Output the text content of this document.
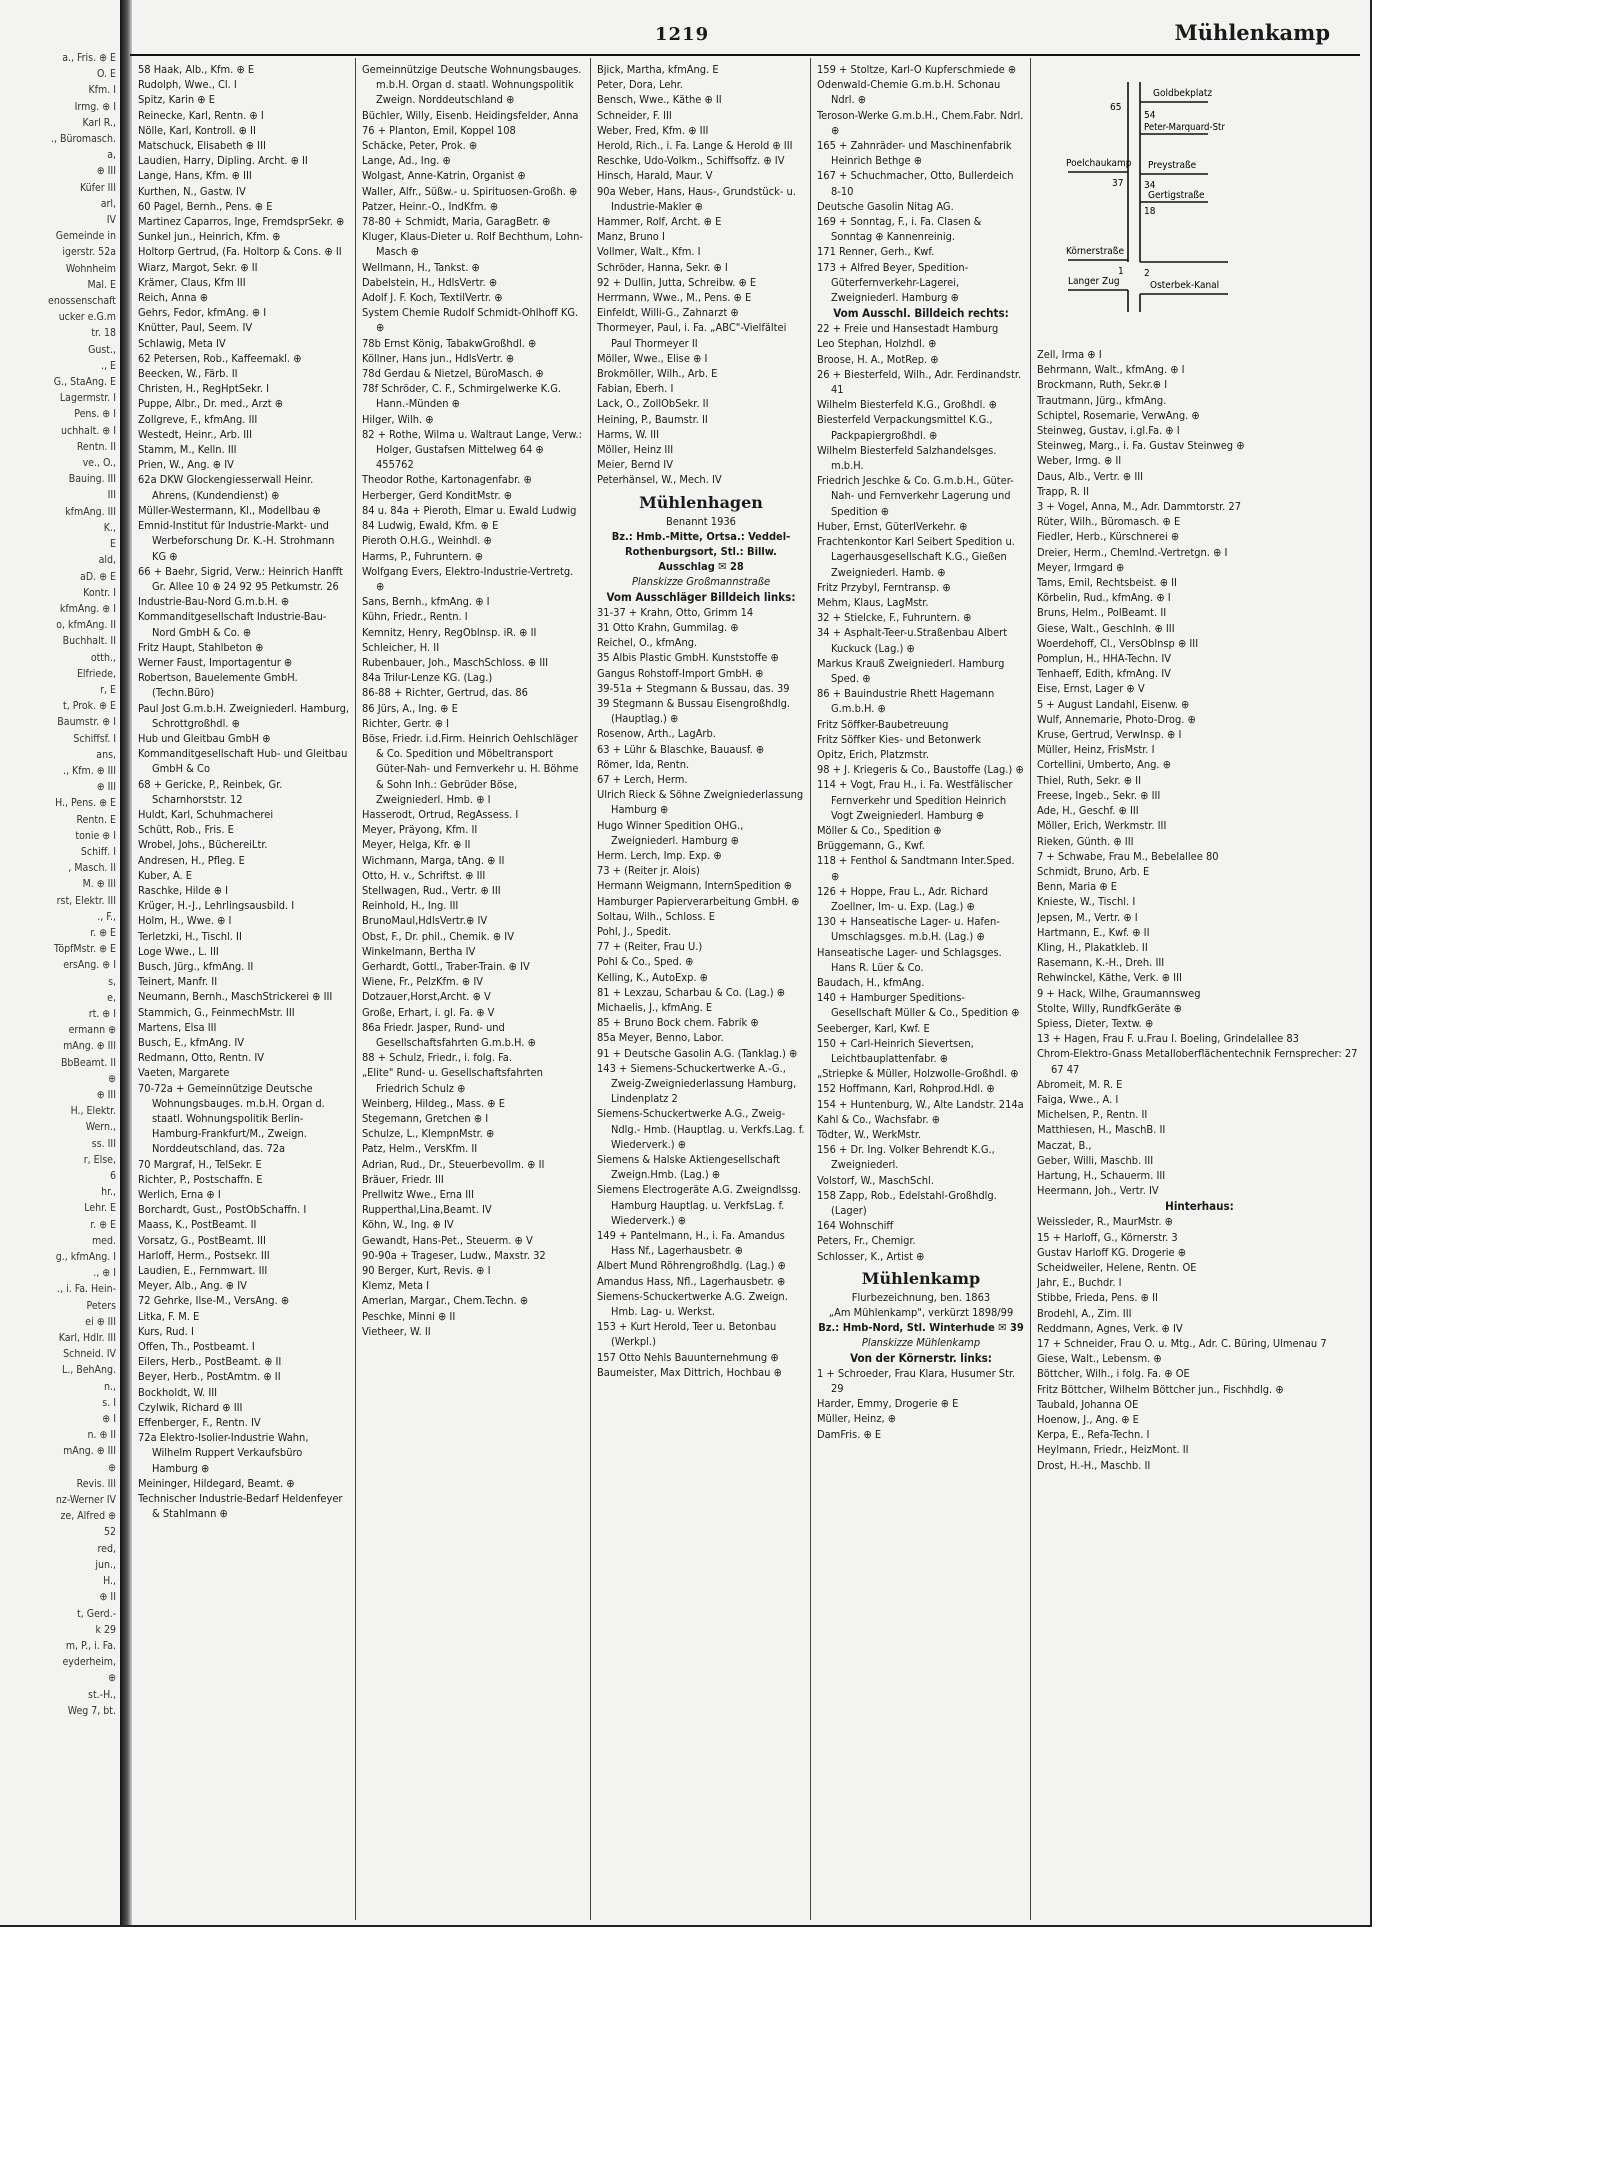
a., Fris. ⊕ E
O. E
Kfm. I
Irmg. ⊕ I
Karl R.,
., Büromasch.
a,
⊕ III
Küfer III
arl,
IV
Gemeinde in
igerstr. 52a
Wohnheim
Mal. E
enossenschaft
ucker e.G.m
tr. 18
Gust.,
., E
G., StaAng. E
Lagermstr. I
Pens. ⊕ I
uchhalt. ⊕ I
Rentn. II
ve., O.,
Bauing. III
III
kfmAng. III
K.,
E
ald,
aD. ⊕ E
Kontr. I
kfmAng. ⊕ I
o, kfmAng. II
Buchhalt. II
otth.,
Elfriede,
r, E
t, Prok. ⊕ E
Baumstr. ⊕ I
Schiffsf. I
ans,
., Kfm. ⊕ III
⊕ III
H., Pens. ⊕ E
Rentn. E
tonie ⊕ I
Schiff. I
, Masch. II
M. ⊕ III
rst, Elektr. III
., F.,
r. ⊕ E
TöpfMstr. ⊕ E
ersAng. ⊕ I
s,
e,
rt. ⊕ I
ermann ⊕
mAng. ⊕ III
BbBeamt. II
⊕
⊕ III
H., Elektr.
Wern.,
ss. III
r, Else,
6
hr.,
Lehr. E
r. ⊕ E
med.
g., kfmAng. I
., ⊕ I
., i. Fa. Hein-
Peters
ei ⊕ III
Karl, Hdlr. III
Schneid. IV
L., BehAng.
n.,
s. I
⊕ I
n. ⊕ II
mAng. ⊕ III
⊕
Revis. III
nz-Werner IV
ze, Alfred ⊕
52
red,
jun.,
H.,
⊕ II
t, Gerd.-
k 29
m, P., i. Fa.
eyderheim,
⊕
st.-H.,
Weg 7, bt.
1219	Mühlenkamp
58 Haak, Alb., Kfm. ⊕ E
Rudolph, Wwe., Cl. I
Spitz, Karin ⊕ E
Reinecke, Karl, Rentn. ⊕ I
Nölle, Karl, Kontroll. ⊕ II
Matschuck, Elisabeth ⊕ III
Laudien, Harry, Dipling. Archt. ⊕ II
Lange, Hans, Kfm. ⊕ III
Kurthen, N., Gastw. IV
60 Pagel, Bernh., Pens. ⊕ E
Martinez Caparros, Inge, FremdsprSekr. ⊕
Sunkel jun., Heinrich, Kfm. ⊕
Holtorp Gertrud, (Fa. Holtorp & Cons. ⊕ II
Wiarz, Margot, Sekr. ⊕ II
Krämer, Claus, Kfm III
Reich, Anna ⊕
Gehrs, Fedor, kfmAng. ⊕ I
Knütter, Paul, Seem. IV
Schlawig, Meta IV
62 Petersen, Rob., Kaffeemakl. ⊕
Beecken, W., Färb. II
Christen, H., RegHptSekr. I
Puppe, Albr., Dr. med., Arzt ⊕
Zollgreve, F., kfmAng. III
Westedt, Heinr., Arb. III
Stamm, M., Kelln. III
Prien, W., Ang. ⊕ IV
62a DKW Glockengiesserwall Heinr. Ahrens, (Kundendienst) ⊕
Müller-Westermann, Kl., Modellbau ⊕
Emnid-Institut für Industrie-Markt- und Werbeforschung Dr. K.-H. Strohmann KG ⊕
66 + Baehr, Sigrid, Verw.: Heinrich Hanfft Gr. Allee 10 ⊕ 24 92 95 Petkumstr. 26
Industrie-Bau-Nord G.m.b.H. ⊕
Kommanditgesellschaft Industrie-Bau-Nord GmbH & Co. ⊕
Fritz Haupt, Stahlbeton ⊕
Werner Faust, Importagentur ⊕
Robertson, Bauelemente GmbH. (Techn.Büro)
Paul Jost G.m.b.H. Zweigniederl. Hamburg, Schrottgroßhdl. ⊕
Hub und Gleitbau GmbH ⊕
Kommanditgesellschaft Hub- und Gleitbau GmbH & Co
68 + Gericke, P., Reinbek, Gr. Scharnhorststr. 12
Huldt, Karl, Schuhmacherei
Schütt, Rob., Fris. E
Wrobel, Johs., BüchereiLtr.
Andresen, H., Pfleg. E
Kuber, A. E
Raschke, Hilde ⊕ I
Krüger, H.-J., Lehrlingsausbild. I
Holm, H., Wwe. ⊕ I
Terletzki, H., Tischl. II
Loge Wwe., L. III
Busch, Jürg., kfmAng. II
Teinert, Manfr. II
Neumann, Bernh., MaschStrickerei ⊕ III
Stammich, G., FeinmechMstr. III
Martens, Elsa III
Busch, E., kfmAng. IV
Redmann, Otto, Rentn. IV
Vaeten, Margarete
70-72a + Gemeinnützige Deutsche Wohnungsbauges. m.b.H. Organ d. staatl. Wohnungspolitik Berlin-Hamburg-Frankfurt/M., Zweign. Norddeutschland, das. 72a
70 Margraf, H., TelSekr. E
Richter, P., Postschaffn. E
Werlich, Erna ⊕ I
Borchardt, Gust., PostObSchaffn. I
Maass, K., PostBeamt. II
Vorsatz, G., PostBeamt. III
Harloff, Herm., Postsekr. III
Laudien, E., Fernmwart. III
Meyer, Alb., Ang. ⊕ IV
72 Gehrke, Ilse-M., VersAng. ⊕
Litka, F. M. E
Kurs, Rud. I
Offen, Th., Postbeamt. I
Eilers, Herb., PostBeamt. ⊕ II
Beyer, Herb., PostAmtm. ⊕ II
Bockholdt, W. III
Czylwik, Richard ⊕ III
Effenberger, F., Rentn. IV
72a Elektro-Isolier-Industrie Wahn, Wilhelm Ruppert Verkaufsbüro Hamburg ⊕
Meininger, Hildegard, Beamt. ⊕
Technischer Industrie-Bedarf Heldenfeyer & Stahlmann ⊕
Gemeinnützige Deutsche Wohnungsbauges. m.b.H. Organ d. staatl. Wohnungspolitik Zweign. Norddeutschland ⊕
Büchler, Willy, Eisenb. Heidingsfelder, Anna
76 + Planton, Emil, Koppel 108
Schäcke, Peter, Prok. ⊕
Lange, Ad., Ing. ⊕
Wolgast, Anne-Katrin, Organist ⊕
Waller, Alfr., Süßw.- u. Spirituosen-Großh. ⊕
Patzer, Heinr.-O., IndKfm. ⊕
78-80 + Schmidt, Maria, GaragBetr. ⊕
Kluger, Klaus-Dieter u. Rolf Bechthum, Lohn-Masch ⊕
Wellmann, H., Tankst. ⊕
Dabelstein, H., HdlsVertr. ⊕
Adolf J. F. Koch, TextilVertr. ⊕
System Chemie Rudolf Schmidt-Ohlhoff KG. ⊕
78b Ernst König, TabakwGroßhdl. ⊕
Köllner, Hans jun., HdlsVertr. ⊕
78d Gerdau & Nietzel, BüroMasch. ⊕
78f Schröder, C. F., Schmirgelwerke K.G. Hann.-Münden ⊕
Hilger, Wilh. ⊕
82 + Rothe, Wilma u. Waltraut Lange, Verw.: Holger, Gustafsen Mittelweg 64 ⊕ 455762
Theodor Rothe, Kartonagenfabr. ⊕
Herberger, Gerd KonditMstr. ⊕
84 u. 84a + Pieroth, Elmar u. Ewald Ludwig
84 Ludwig, Ewald, Kfm. ⊕ E
Pieroth O.H.G., Weinhdl. ⊕
Harms, P., Fuhruntern. ⊕
Wolfgang Evers, Elektro-Industrie-Vertretg. ⊕
Sans, Bernh., kfmAng. ⊕ I
Kühn, Friedr., Rentn. I
Kemnitz, Henry, RegOblnsp. iR. ⊕ II
Schleicher, H. II
Rubenbauer, Joh., MaschSchloss. ⊕ III
84a Trilur-Lenze KG. (Lag.)
86-88 + Richter, Gertrud, das. 86
86 Jürs, A., Ing. ⊕ E
Richter, Gertr. ⊕ I
Böse, Friedr. i.d.Firm. Heinrich Oehlschläger & Co. Spedition und Möbeltransport Güter-Nah- und Fernverkehr u. H. Böhme & Sohn Inh.: Gebrüder Böse, Zweigniederl. Hmb. ⊕ I
Hasserodt, Ortrud, RegAssess. I
Meyer, Präyong, Kfm. II
Meyer, Helga, Kfr. ⊕ II
Wichmann, Marga, tAng. ⊕ II
Otto, H. v., Schriftst. ⊕ III
Stellwagen, Rud., Vertr. ⊕ III
Reinhold, H., Ing. III
BrunoMaul,HdlsVertr.⊕ IV
Obst, F., Dr. phil., Chemik. ⊕ IV
Winkelmann, Bertha IV
Gerhardt, Gottl., Traber-Train. ⊕ IV
Wiene, Fr., PelzKfm. ⊕ IV
Dotzauer,Horst,Archt. ⊕ V
Große, Erhart, i. gl. Fa. ⊕ V
86a Friedr. Jasper, Rund- und Gesellschaftsfahrten G.m.b.H. ⊕
88 + Schulz, Friedr., i. folg. Fa.
„Elite" Rund- u. Gesellschaftsfahrten Friedrich Schulz ⊕
Weinberg, Hildeg., Mass. ⊕ E
Stegemann, Gretchen ⊕ I
Schulze, L., KlempnMstr. ⊕
Patz, Helm., VersKfm. II
Adrian, Rud., Dr., Steuerbevollm. ⊕ II
Bräuer, Friedr. III
Prellwitz Wwe., Erna III
Rupperthal,Lina,Beamt. IV
Köhn, W., Ing. ⊕ IV
Gewandt, Hans-Pet., Steuerm. ⊕ V
90-90a + Trageser, Ludw., Maxstr. 32
90 Berger, Kurt, Revis. ⊕ I
Klemz, Meta I
Amerlan, Margar., Chem.Techn. ⊕
Peschke, Minni ⊕ II
Vietheer, W. II
Bjick, Martha, kfmAng. E
Peter, Dora, Lehr.
Bensch, Wwe., Käthe ⊕ II
Schneider, F. III
Weber, Fred, Kfm. ⊕ III
Herold, Rich., i. Fa. Lange & Herold ⊕ III
Reschke, Udo-Volkm., Schiffsoffz. ⊕ IV
Hinsch, Harald, Maur. V
90a Weber, Hans, Haus-, Grundstück- u. Industrie-Makler ⊕
Hammer, Rolf, Archt. ⊕ E
Manz, Bruno I
Vollmer, Walt., Kfm. I
Schröder, Hanna, Sekr. ⊕ I
92 + Dullin, Jutta, Schreibw. ⊕ E
Herrmann, Wwe., M., Pens. ⊕ E
Einfeldt, Willi-G., Zahnarzt ⊕
Thormeyer, Paul, i. Fa. „ABC"-Vielfältei Paul Thormeyer II
Möller, Wwe., Elise ⊕ I
Brokmöller, Wilh., Arb. E
Fabian, Eberh. I
Lack, O., ZollObSekr. II
Heining, P., Baumstr. II
Harms, W. III
Möller, Heinz III
Meier, Bernd IV
Peterhänsel, W., Mech. IV
Mühlenhagen
Benannt 1936
Bz.: Hmb.-Mitte, Ortsa.: Veddel-Rothenburgsort, Stl.: Billw.
Ausschlag ✉ 28
Planskizze Großmannstraße
Vom Ausschläger Billdeich links:
31-37 + Krahn, Otto, Grimm 14
31 Otto Krahn, Gummilag. ⊕
Reichel, O., kfmAng.
35 Albis Plastic GmbH. Kunststoffe ⊕
Gangus Rohstoff-Import GmbH. ⊕
39-51a + Stegmann & Bussau, das. 39
39 Stegmann & Bussau Eisengroßhdlg. (Hauptlag.) ⊕
Rosenow, Arth., LagArb.
63 + Lühr & Blaschke, Bauausf. ⊕
Römer, Ida, Rentn.
67 + Lerch, Herm.
Ulrich Rieck & Söhne Zweigniederlassung Hamburg ⊕
Hugo Winner Spedition OHG., Zweigniederl. Hamburg ⊕
Herm. Lerch, Imp. Exp. ⊕
73 + (Reiter jr. Alois)
Hermann Weigmann, InternSpedition ⊕
Hamburger Papierverarbeitung GmbH. ⊕
Soltau, Wilh., Schloss. E
Pohl, J., Spedit.
77 + (Reiter, Frau U.)
Pohl & Co., Sped. ⊕
Kelling, K., AutoExp. ⊕
81 + Lexzau, Scharbau & Co. (Lag.) ⊕
Michaelis, J., kfmAng. E
85 + Bruno Bock chem. Fabrik ⊕
85a Meyer, Benno, Labor.
91 + Deutsche Gasolin A.G. (Tanklag.) ⊕
143 + Siemens-Schuckertwerke A.-G., Zweig-Zweigniederlassung Hamburg, Lindenplatz 2
Siemens-Schuckertwerke A.G., Zweig-Ndlg.- Hmb. (Hauptlag. u. Verkfs.Lag. f. Wiederverk.) ⊕
Siemens & Halske Aktiengesellschaft Zweign.Hmb. (Lag.) ⊕
Siemens Electrogeräte A.G. Zweigndlssg. Hamburg Hauptlag. u. VerkfsLag. f. Wiederverk.) ⊕
149 + Pantelmann, H., i. Fa. Amandus Hass Nf., Lagerhausbetr. ⊕
Albert Mund Röhrengroßhdlg. (Lag.) ⊕
Amandus Hass, Nfl., Lagerhausbetr. ⊕
Siemens-Schuckertwerke A.G. Zweign. Hmb. Lag- u. Werkst.
153 + Kurt Herold, Teer u. Betonbau (Werkpl.)
157 Otto Nehls Bauunternehmung ⊕
Baumeister, Max Dittrich, Hochbau ⊕
159 + Stoltze, Karl-O Kupferschmiede ⊕
Odenwald-Chemie G.m.b.H. Schonau Ndrl. ⊕
Teroson-Werke G.m.b.H., Chem.Fabr. Ndrl. ⊕
165 + Zahnräder- und Maschinenfabrik Heinrich Bethge ⊕
167 + Schuchmacher, Otto, Bullerdeich 8-10
Deutsche Gasolin Nitag AG.
169 + Sonntag, F., i. Fa. Clasen & Sonntag ⊕ Kannenreinig.
171 Renner, Gerh., Kwf.
173 + Alfred Beyer, Spedition-Güterfernverkehr-Lagerei, Zweigniederl. Hamburg ⊕
Vom Ausschl. Billdeich rechts:
22 + Freie und Hansestadt Hamburg
Leo Stephan, Holzhdl. ⊕
Broose, H. A., MotRep. ⊕
26 + Biesterfeld, Wilh., Adr. Ferdinandstr. 41
Wilhelm Biesterfeld K.G., Großhdl. ⊕
Biesterfeld Verpackungsmittel K.G., Packpapiergroßhdl. ⊕
Wilhelm Biesterfeld Salzhandelsges. m.b.H.
Friedrich Jeschke & Co. G.m.b.H., Güter-Nah- und Fernverkehr Lagerung und Spedition ⊕
Huber, Ernst, GüterIVerkehr. ⊕
Frachtenkontor Karl Seibert Spedition u. Lagerhausgesellschaft K.G., Gießen Zweigniederl. Hamb. ⊕
Fritz Przybyl, Ferntransp. ⊕
Mehm, Klaus, LagMstr.
32 + Stielcke, F., Fuhruntern. ⊕
34 + Asphalt-Teer-u.Straßenbau Albert Kuckuck (Lag.) ⊕
Markus Krauß Zweigniederl. Hamburg Sped. ⊕
86 + Bauindustrie Rhett Hagemann G.m.b.H. ⊕
Fritz Söffker-Baubetreuung
Fritz Söffker Kies- und Betonwerk
Opitz, Erich, Platzmstr.
98 + J. Kriegeris & Co., Baustoffe (Lag.) ⊕
114 + Vogt, Frau H., i. Fa. Westfälischer Fernverkehr und Spedition Heinrich Vogt Zweigniederl. Hamburg ⊕
Möller & Co., Spedition ⊕
Brüggemann, G., Kwf.
118 + Fenthol & Sandtmann Inter.Sped. ⊕
126 + Hoppe, Frau L., Adr. Richard Zoellner, Im- u. Exp. (Lag.) ⊕
130 + Hanseatische Lager- u. Hafen-Umschlagsges. m.b.H. (Lag.) ⊕
Hanseatische Lager- und Schlagsges. Hans R. Lüer & Co.
Baudach, H., kfmAng.
140 + Hamburger Speditions-Gesellschaft Müller & Co., Spedition ⊕
Seeberger, Karl, Kwf. E
150 + Carl-Heinrich Sievertsen, Leichtbauplattenfabr. ⊕
„Striepke & Müller, Holzwolle-Großhdl. ⊕
152 Hoffmann, Karl, Rohprod.Hdl. ⊕
154 + Huntenburg, W., Alte Landstr. 214a
Kahl & Co., Wachsfabr. ⊕
Tödter, W., WerkMstr.
156 + Dr. Ing. Volker Behrendt K.G., Zweigniederl.
Volstorf, W., MaschSchl.
158 Zapp, Rob., Edelstahl-Großhdlg. (Lager)
164 Wohnschiff
Peters, Fr., Chemigr.
Schlosser, K., Artist ⊕
Mühlenkamp
Flurbezeichnung, ben. 1863
„Am Mühlenkamp", verkürzt 1898/99
Bz.: Hmb-Nord, Stl. Winterhude ✉ 39
Planskizze Mühlenkamp
Von der Körnerstr. links:
1 + Schroeder, Frau Klara, Husumer Str. 29
Harder, Emmy, Drogerie ⊕ E
Müller, Heinz, ⊕
DamFris. ⊕ E
Goldbekplatz
65
54
Peter-Marquard-Str
Poelchaukamp
37
Preystraße
34
Gertigstraße
18
Körnerstraße
1 2
Langer Zug	Osterbek-Kanal
Zell, Irma ⊕ I
Behrmann, Walt., kfmAng. ⊕ I
Brockmann, Ruth, Sekr.⊕ I
Trautmann, Jürg., kfmAng.
Schiptel, Rosemarie, VerwAng. ⊕
Steinweg, Gustav, i.gl.Fa. ⊕ I
Steinweg, Marg., i. Fa. Gustav Steinweg ⊕
Weber, Irmg. ⊕ II
Daus, Alb., Vertr. ⊕ III
Trapp, R. II
3 + Vogel, Anna, M., Adr. Dammtorstr. 27
Rüter, Wilh., Büromasch. ⊕ E
Fiedler, Herb., Kürschnerei ⊕
Dreier, Herm., Chemlnd.-Vertretgn. ⊕ I
Meyer, Irmgard ⊕
Tams, Emil, Rechtsbeist. ⊕ II
Körbelin, Rud., kfmAng. ⊕ I
Bruns, Helm., PolBeamt. II
Giese, Walt., Geschlnh. ⊕ III
Woerdehoff, Cl., VersOblnsp ⊕ III
Pomplun, H., HHA-Techn. IV
Tenhaeff, Edith, kfmAng. IV
Eise, Ernst, Lager ⊕ V
5 + August Landahl, Eisenw. ⊕
Wulf, Annemarie, Photo-Drog. ⊕
Kruse, Gertrud, VerwInsp. ⊕ I
Müller, Heinz, FrisMstr. I
Cortellini, Umberto, Ang. ⊕
Thiel, Ruth, Sekr. ⊕ II
Freese, Ingeb., Sekr. ⊕ III
Ade, H., Geschf. ⊕ III
Möller, Erich, Werkmstr. III
Rieken, Günth. ⊕ III
7 + Schwabe, Frau M., Bebelallee 80
Schmidt, Bruno, Arb. E
Benn, Maria ⊕ E
Knieste, W., Tischl. I
Jepsen, M., Vertr. ⊕ I
Hartmann, E., Kwf. ⊕ II
Kling, H., Plakatkleb. II
Rasemann, K.-H., Dreh. III
Rehwinckel, Käthe, Verk. ⊕ III
9 + Hack, Wilhe, Graumannsweg
Stolte, Willy, RundfkGeräte ⊕
Spiess, Dieter, Textw. ⊕
13 + Hagen, Frau F. u.Frau I. Boeling, Grindelallee 83
Chrom-Elektro-Gnass Metalloberflächentechnik Fernsprecher: 27 67 47
Abromeit, M. R. E
Faiga, Wwe., A. I
Michelsen, P., Rentn. II
Matthiesen, H., MaschB. II
Maczat, B.,
Geber, Willi, Maschb. III
Hartung, H., Schauerm. III
Heermann, Joh., Vertr. IV
Hinterhaus:
Weissleder, R., MaurMstr. ⊕
15 + Harloff, G., Körnerstr. 3
Gustav Harloff KG. Drogerie ⊕
Scheidweiler, Helene, Rentn. OE
Jahr, E., Buchdr. I
Stibbe, Frieda, Pens. ⊕ II
Brodehl, A., Zim. III
Reddmann, Agnes, Verk. ⊕ IV
17 + Schneider, Frau O. u. Mtg., Adr. C. Büring, Ulmenau 7
Giese, Walt., Lebensm. ⊕
Böttcher, Wilh., i folg. Fa. ⊕ OE
Fritz Böttcher, Wilhelm Böttcher jun., Fischhdlg. ⊕
Taubald, Johanna OE
Hoenow, J., Ang. ⊕ E
Kerpa, E., Refa-Techn. I
Heylmann, Friedr., HeizMont. II
Drost, H.-H., Maschb. II
